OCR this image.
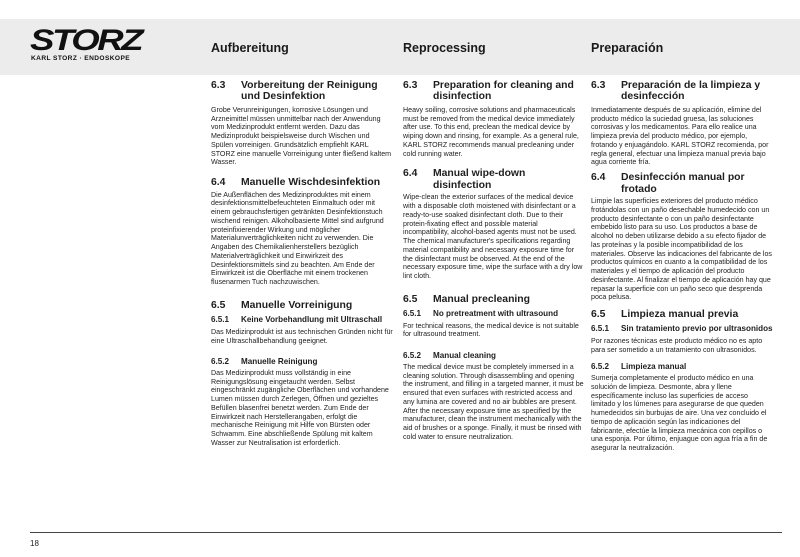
STORZ
KARL STORZ · ENDOSKOPE
Aufbereitung	Reprocessing	Preparación
6.3	Vorbereitung der Reinigung und Desinfektion

Grobe Verunreinigungen, korrosive Lösungen und Arzneimittel müssen unmittelbar nach der Anwendung vom Medizinprodukt entfernt werden. Dazu das Medizinprodukt beispielsweise durch Wischen und Spülen vorreinigen. Grundsätzlich empfiehlt KARL STORZ eine manuelle Vorreinigung unter fließend kaltem Wasser.

6.4	Manuelle Wischdesinfektion

Die Außenflächen des Medizinproduktes mit einem desinfektionsmittelbefeuchteten Einmaltuch oder mit einem gebrauchsfertigen getränkten Desinfektionstuch wischend reinigen. Alkoholbasierte Mittel sind aufgrund proteinfixierender Wirkung und möglicher Materialunverträglichkeiten nicht zu verwenden. Die Angaben des Chemikalienherstellers bezüglich Materialverträglichkeit und Einwirkzeit des Desinfektionsmittels sind zu beachten. Am Ende der Einwirkzeit ist die Oberfläche mit einem trockenen flusenarmen Tuch nachzuwischen.

6.5	Manuelle Vorreinigung
6.5.1	Keine Vorbehandlung mit Ultraschall

Das Medizinprodukt ist aus technischen Gründen nicht für eine Ultraschallbehandlung geeignet.

6.5.2	Manuelle Reinigung

Das Medizinprodukt muss vollständig in eine Reinigungslösung eingetaucht werden. Selbst eingeschränkt zugängliche Oberflächen und vorhandene Lumen müssen durch Zerlegen, Öffnen und gezieltes Befüllen blasenfrei benetzt werden. Zum Ende der Einwirkzeit nach Herstellerangaben, erfolgt die mechanische Reinigung mit Hilfe von Bürsten oder Schwamm. Eine abschließende Spülung mit kaltem Wasser zur Neutralisation ist erforderlich.

6.3	Preparation for cleaning and disinfection

Heavy soiling, corrosive solutions and pharmaceuticals must be removed from the medical device immediately after use. To this end, preclean the medical device by wiping down and rinsing, for example. As a general rule, KARL STORZ recommends manual precleaning under cold running water.

6.4	Manual wipe-down disinfection

Wipe-clean the exterior surfaces of the medical device with a disposable cloth moistened with disinfectant or a ready-to-use soaked disinfectant cloth. Due to their protein-fixating effect and possible material incompatibility, alcohol-based agents must not be used. The chemical manufacturer's specifications regarding material compatibility and necessary exposure time for the disinfectant must be observed. At the end of the necessary exposure time, wipe the surface with a dry low lint cloth.

6.5	Manual precleaning
6.5.1	No pretreatment with ultrasound

For technical reasons, the medical device is not suitable for ultrasound treatment.

6.5.2	Manual cleaning

The medical device must be completely immersed in a cleaning solution. Through disassembling and opening the instrument, and filling in a targeted manner, it must be ensured that even surfaces with restricted access and any lumina are covered and no air bubbles are present. After the necessary exposure time as specified by the manufacturer, clean the instrument mechanically with the aid of brushes or a sponge. Finally, it must be rinsed with cold water to ensure neutralization.

6.3	Preparación de la limpieza y desinfección

Inmediatamente después de su aplicación, elimine del producto médico la suciedad gruesa, las soluciones corrosivas y los medicamentos. Para ello realice una limpieza previa del producto médico, por ejemplo, frotando y enjuagándolo. KARL STORZ recomienda, por regla general, efectuar una limpieza manual previa bajo agua corriente fría.

6.4	Desinfección manual por frotado

Limpie las superficies exteriores del producto médico frotándolas con un paño desechable humedecido con un producto desinfectante o con un paño desinfectante embebido listo para su uso. Los productos a base de alcohol no deben utilizarse debido a su efecto fijador de las proteínas y la posible incompatibilidad de los materiales. Observe las indicaciones del fabricante de los productos químicos en cuanto a la compatibilidad de los materiales y el tiempo de aplicación del producto desinfectante. Al finalizar el tiempo de aplicación hay que repasar la superficie con un paño seco que desprenda poca pelusa.

6.5	Limpieza manual previa
6.5.1	Sin tratamiento previo por ultrasonidos

Por razones técnicas este producto médico no es apto para ser sometido a un tratamiento con ultrasonidos.

6.5.2	Limpieza manual

Sumerja completamente el producto médico en una solución de limpieza. Desmonte, abra y llene específicamente incluso las superficies de acceso limitado y los lúmenes para asegurarse de que queden humedecidos sin burbujas de aire. Una vez concluido el tiempo de aplicación según las indicaciones del fabricante, efectúe la limpieza mecánica con cepillos o una esponja. Por último, enjuague con agua fría a fin de asegurar la neutralización.

18
